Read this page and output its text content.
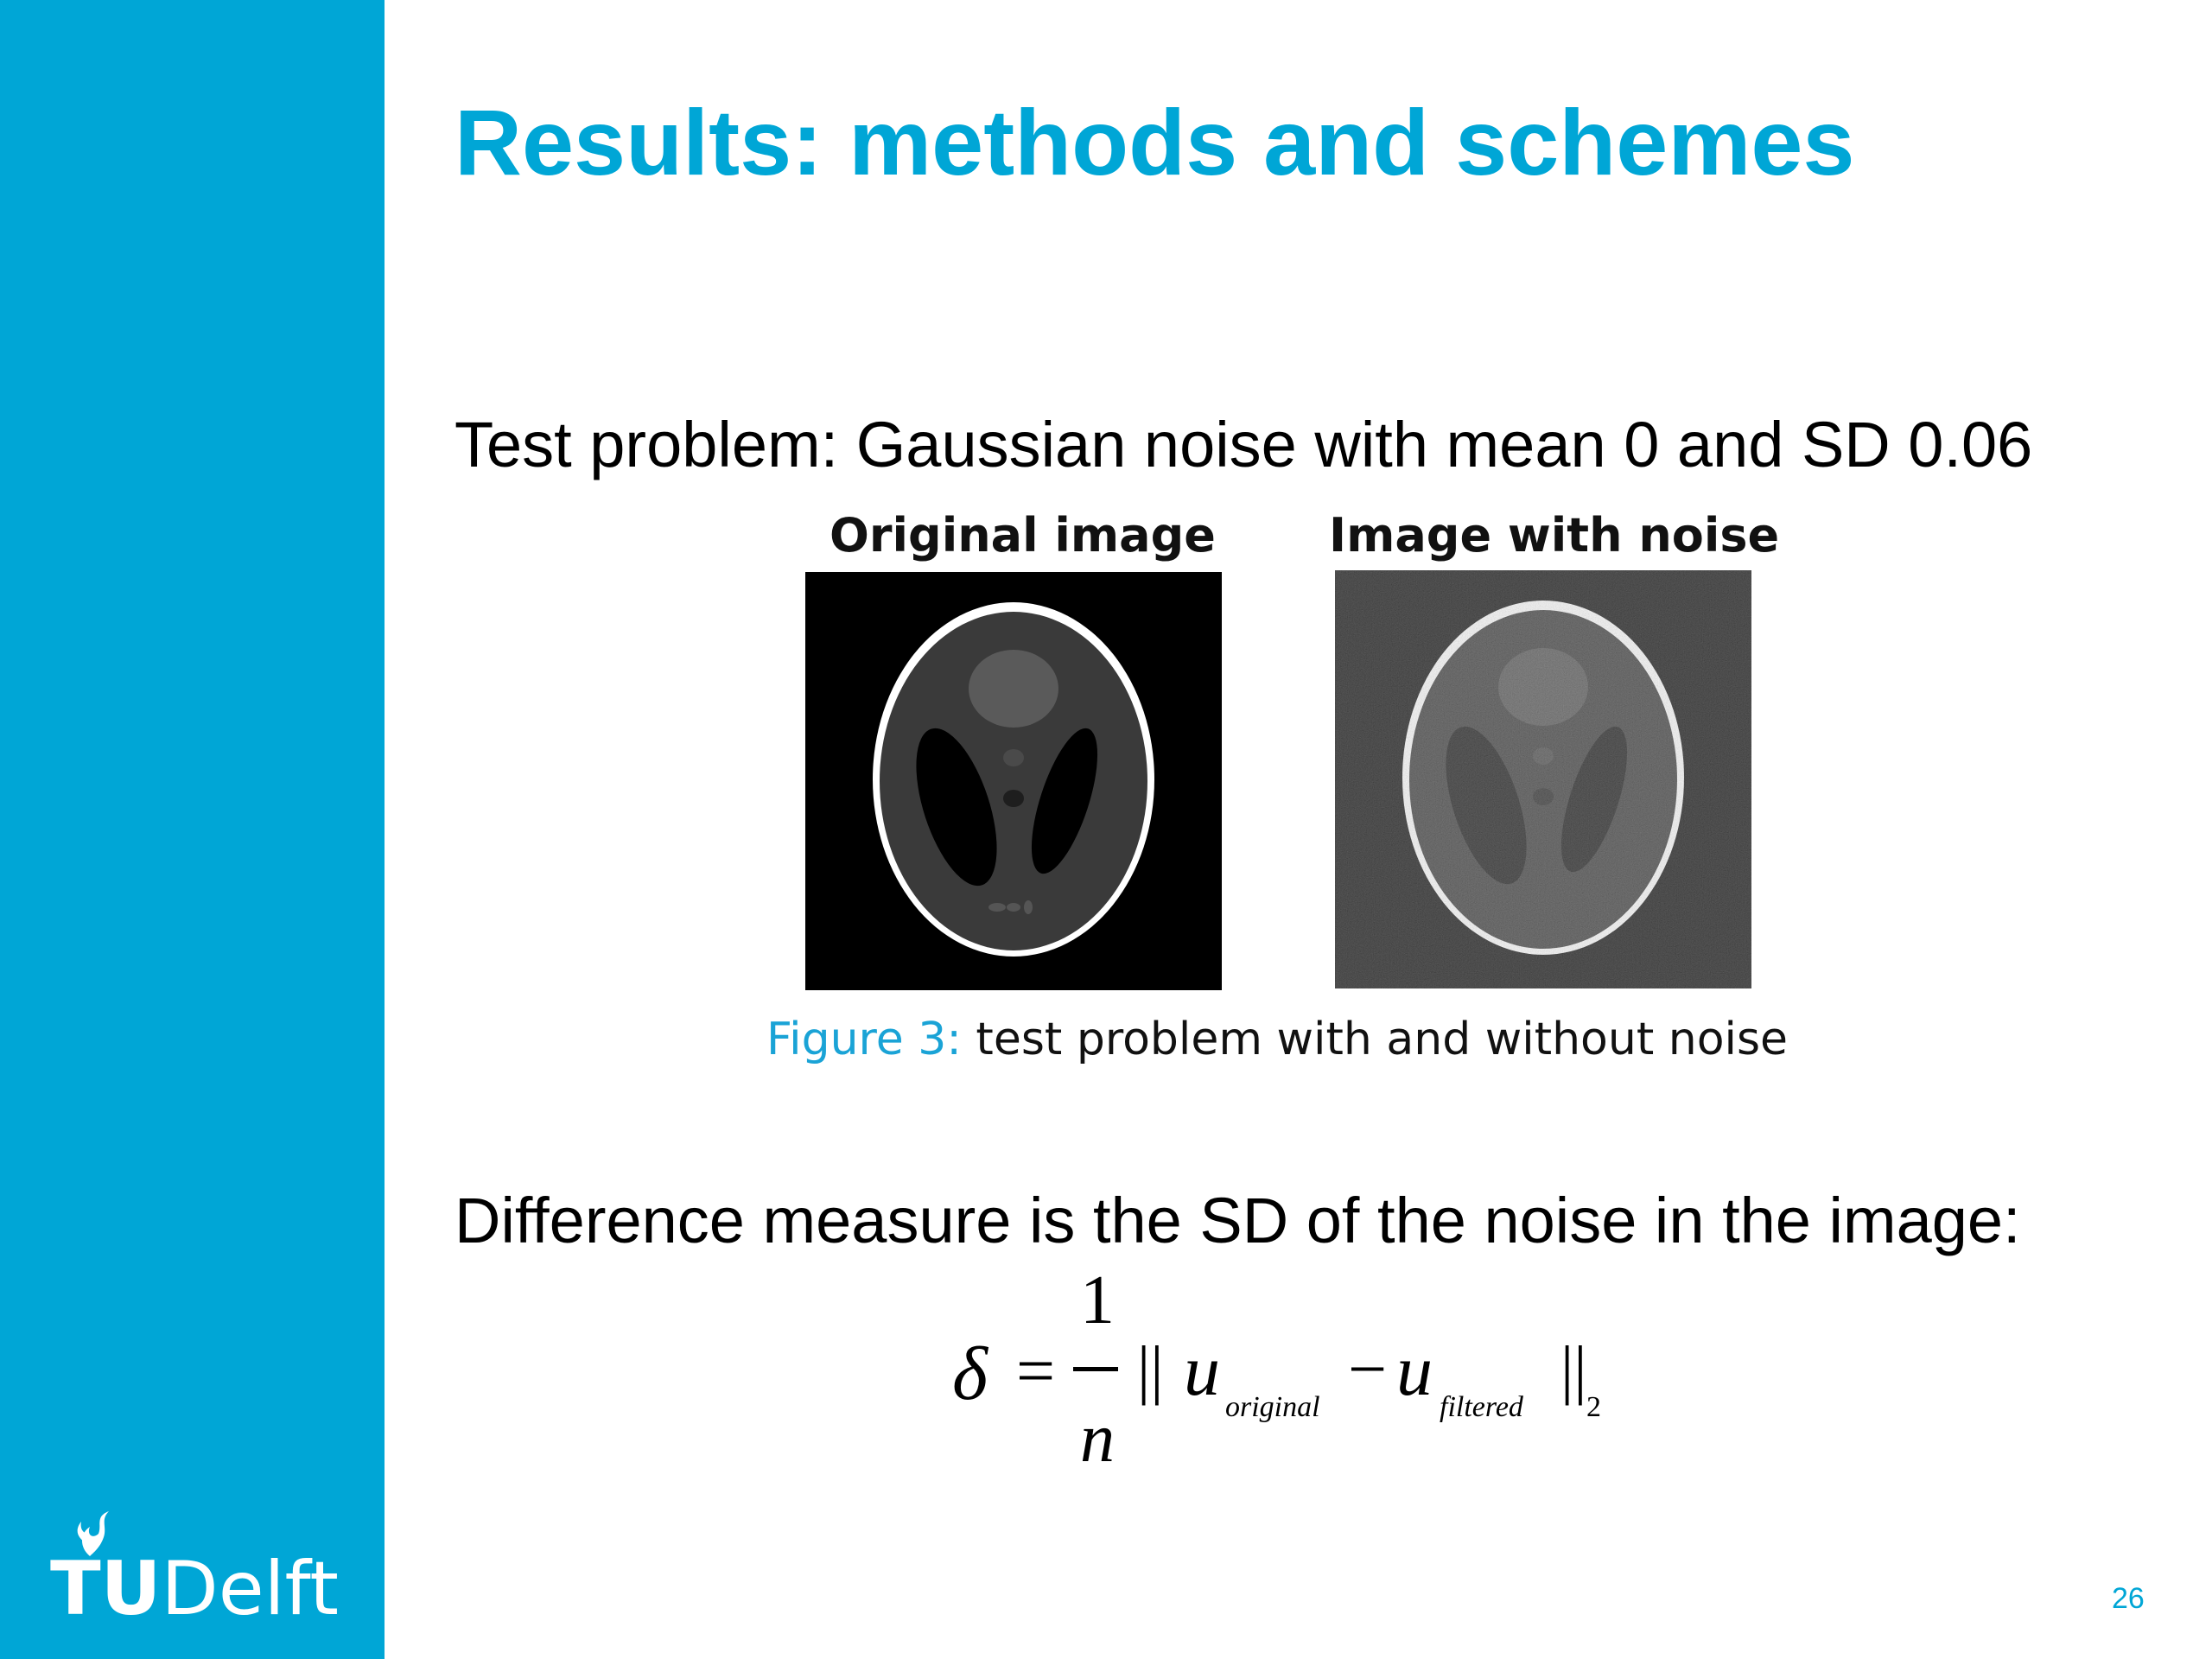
TUDelft
Results: methods and schemes
Test problem: Gaussian noise with mean 0 and SD 0.06
Original image Image with noise
Figure 3: test problem with and without noise
Difference measure is the SD of the noise in the image:
δ =
1
n
|| u original − u filtered
||
2
26
